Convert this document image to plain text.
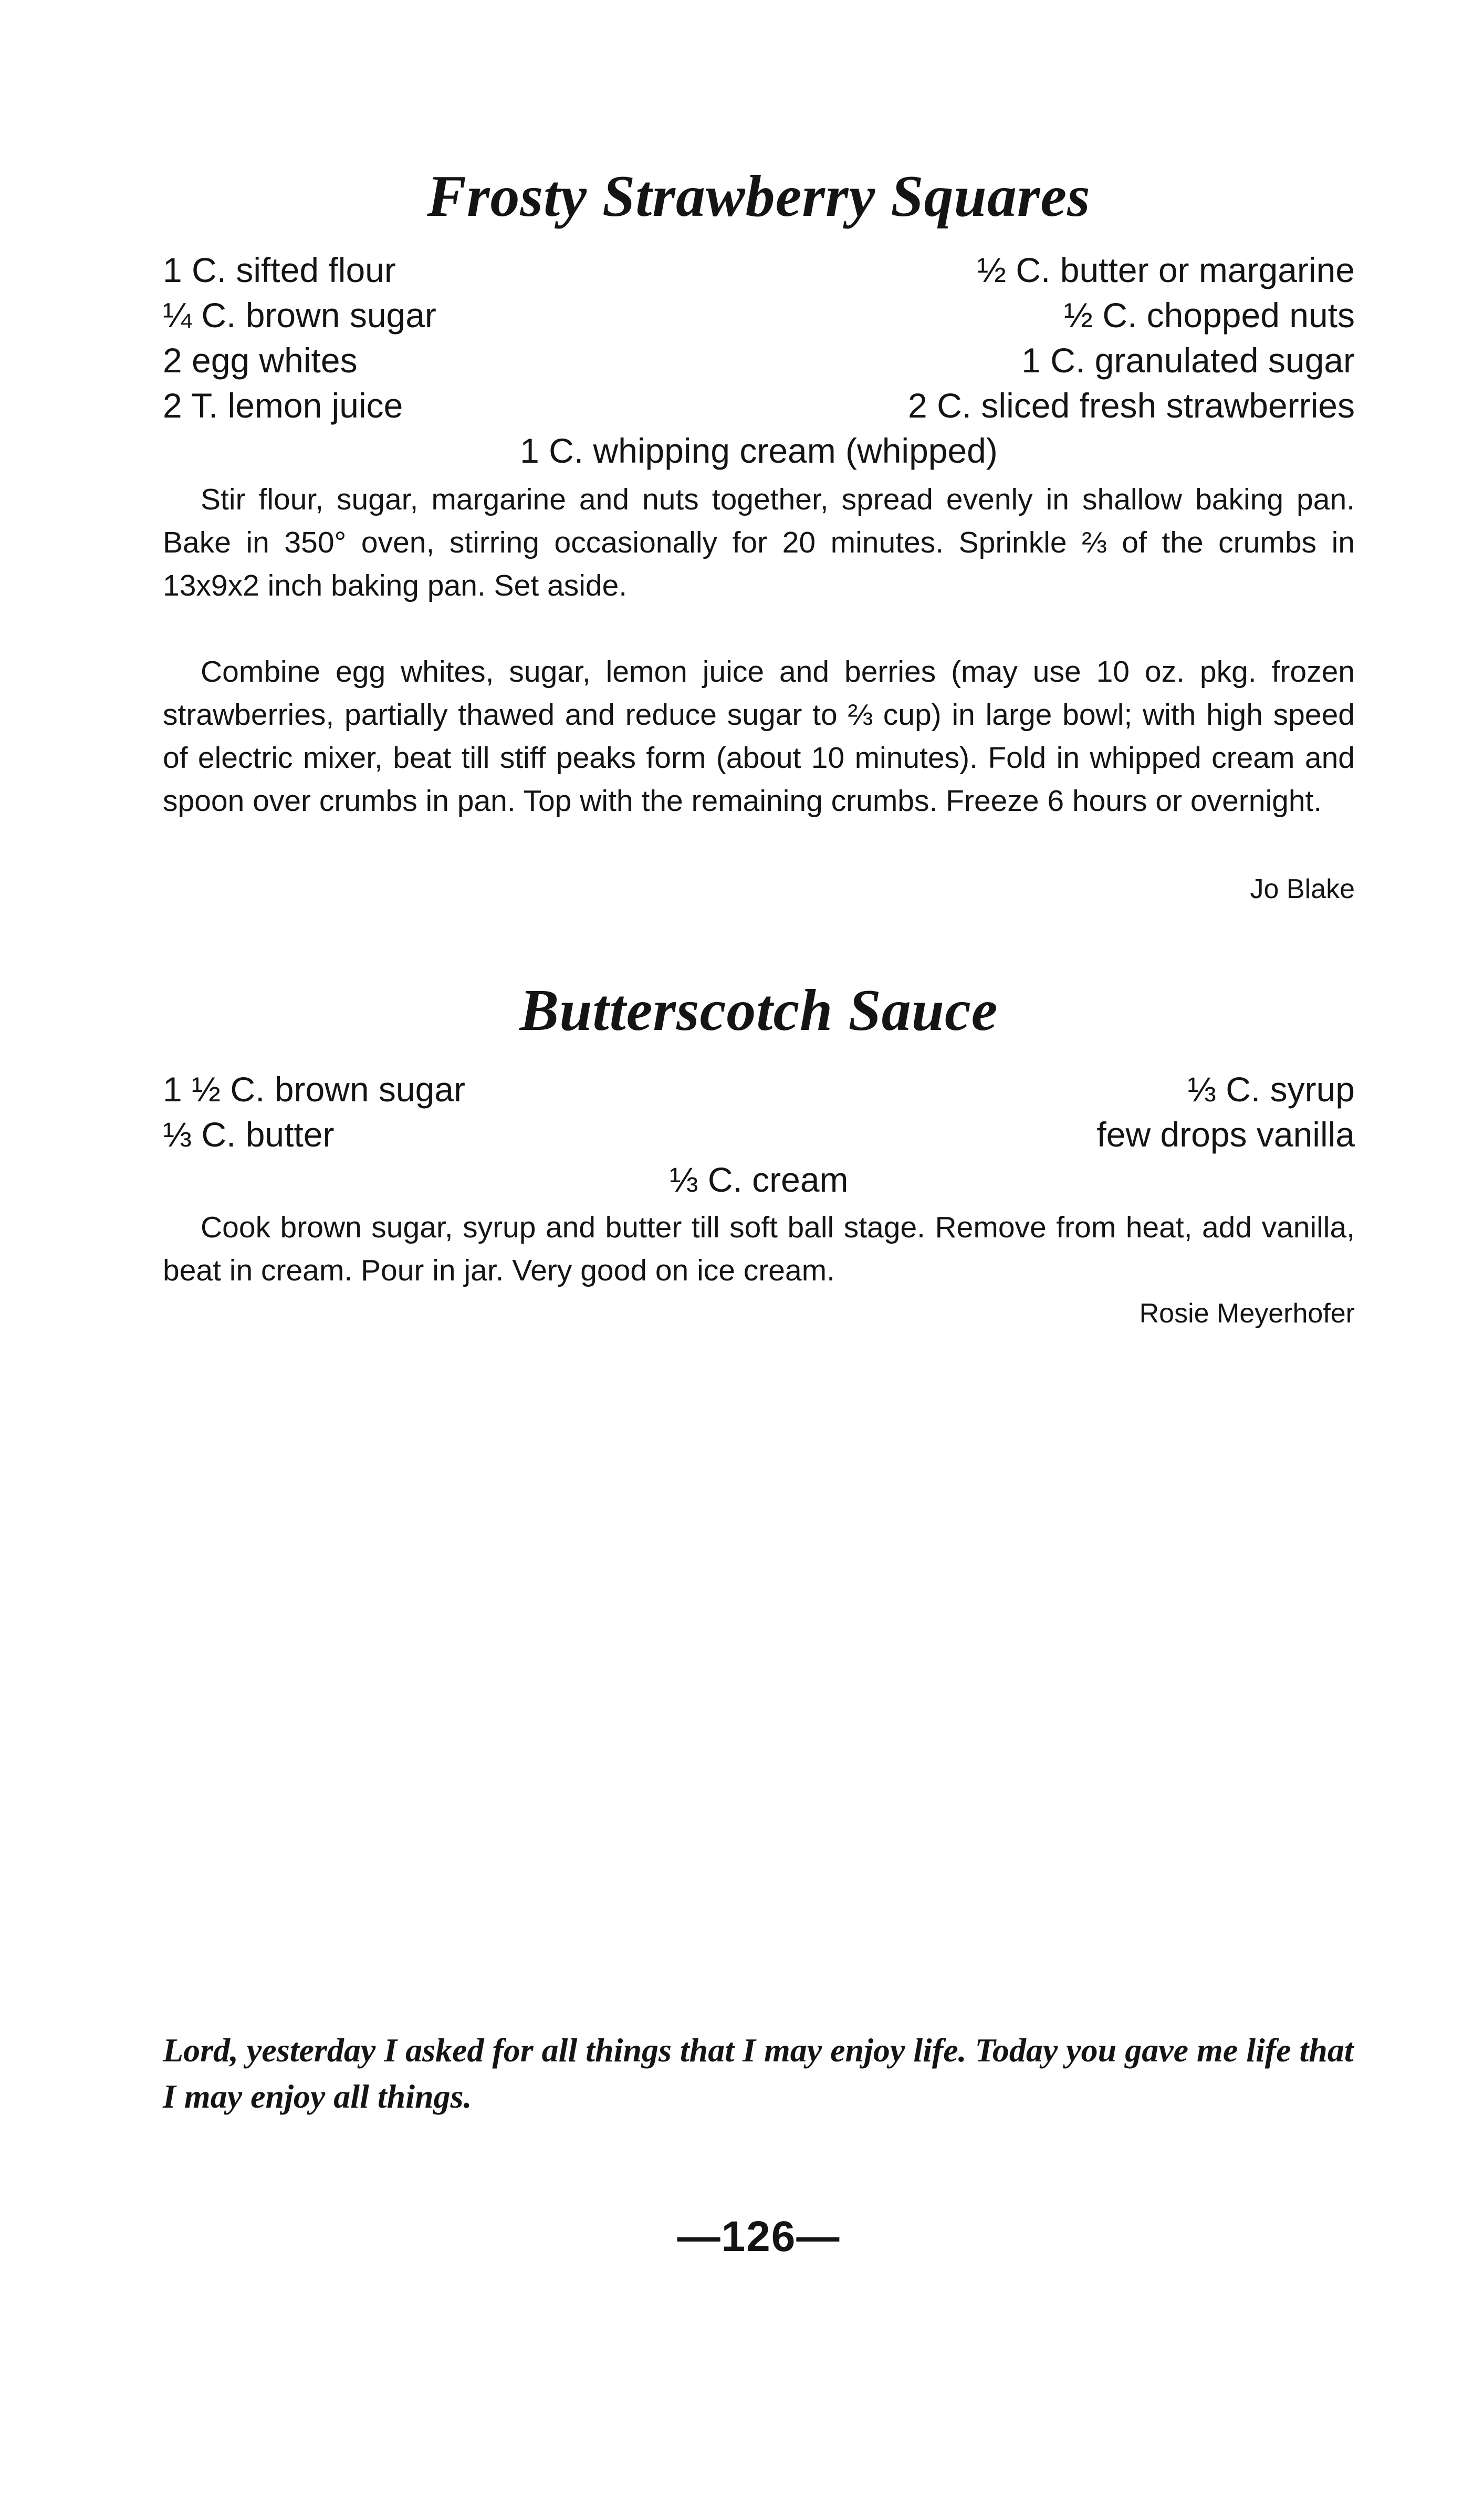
Frosty Strawberry Squares
1 C. sifted flour	½ C. butter or margarine
¼ C. brown sugar	½ C. chopped nuts
2 egg whites	1 C. granulated sugar
2 T. lemon juice	2 C. sliced fresh strawberries
1 C. whipping cream (whipped)

Stir flour, sugar, margarine and nuts together, spread evenly in shallow baking pan. Bake in 350° oven, stirring occasionally for 20 minutes. Sprinkle ⅔ of the crumbs in 13x9x2 inch baking pan. Set aside.

Combine egg whites, sugar, lemon juice and berries (may use 10 oz. pkg. frozen strawberries, partially thawed and reduce sugar to ⅔ cup) in large bowl; with high speed of electric mixer, beat till stiff peaks form (about 10 minutes). Fold in whipped cream and spoon over crumbs in pan. Top with the remaining crumbs. Freeze 6 hours or overnight.

Jo Blake
Butterscotch Sauce
1 ½ C. brown sugar	⅓ C. syrup
⅓ C. butter	few drops vanilla
⅓ C. cream

Cook brown sugar, syrup and butter till soft ball stage. Remove from heat, add vanilla, beat in cream. Pour in jar. Very good on ice cream.

Rosie Meyerhofer

Lord, yesterday I asked for all things that I may enjoy life. Today you gave me life that I may enjoy all things.

—126—
